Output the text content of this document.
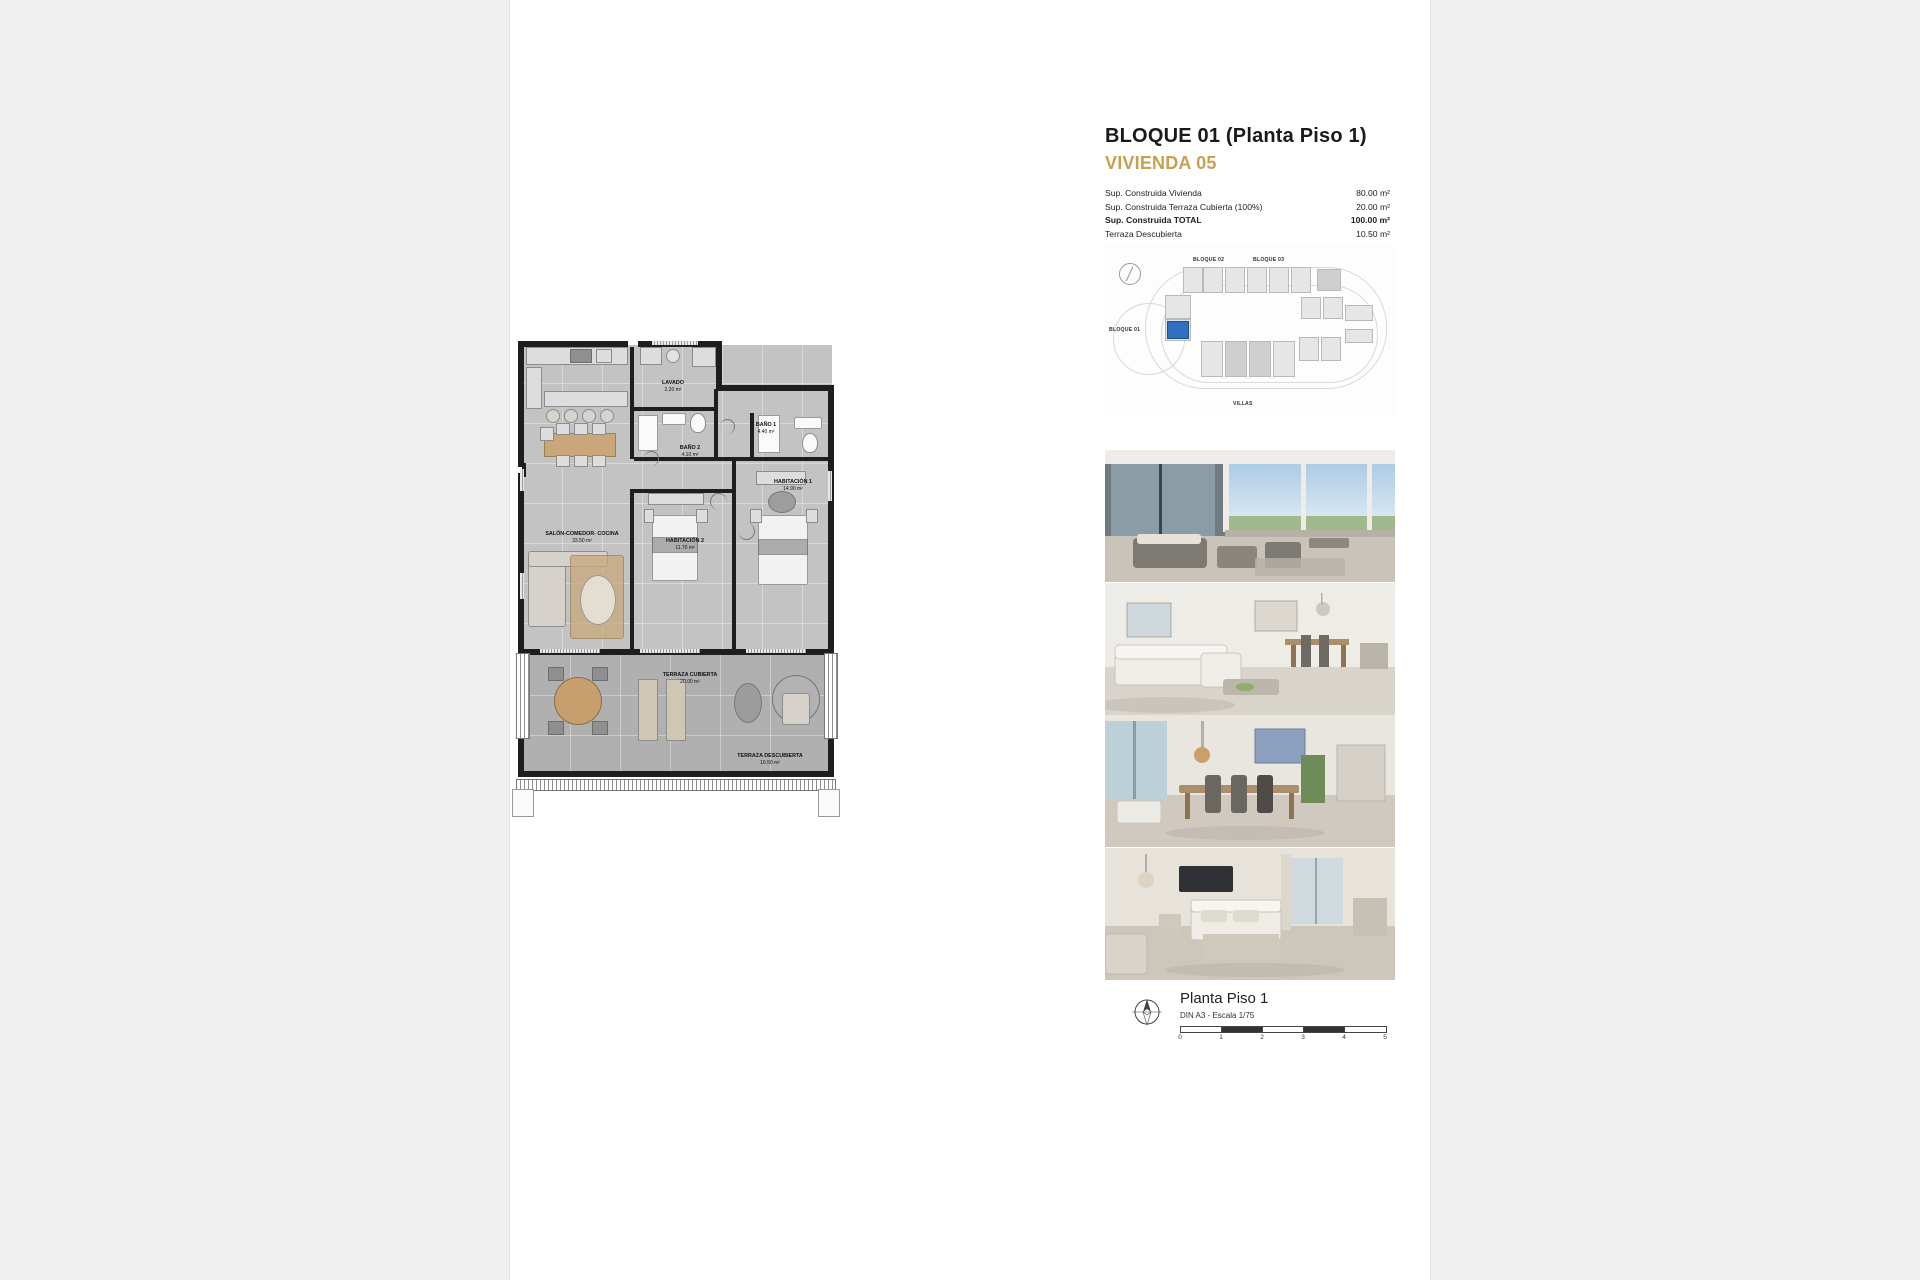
BLOQUE 01 (Planta Piso 1)
VIVIENDA 05
Sup. Construida Vivienda	80.00 m²
Sup. Construida Terraza Cubierta (100%)	20.00 m²
Sup. Construida TOTAL	100.00 m²
Terraza Descubierta	10.50 m²
BLOQUE 02	BLOQUE 03
BLOQUE 01
VILLAS
Planta Piso 1
DIN A3 - Escala 1/75
0	1	2	3	4	5
LAVADO
2.20 m²
BAÑO 2
4.10 m²
BAÑO 1
4.40 m²
HABITACIÓN 1
14.90 m²
HABITACIÓN 2
11.70 m²
SALÓN-COMEDOR- COCINA
33.50 m²
TERRAZA CUBIERTA
20.00 m²
TERRAZA DESCUBIERTA
10.50 m²
